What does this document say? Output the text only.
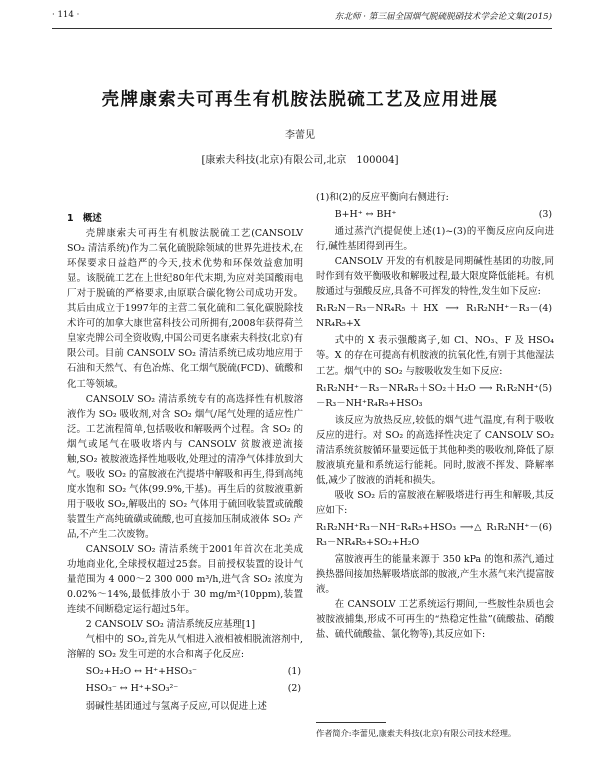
· 114 ·	东北师 · 第三届全国烟气脱硫脱硝技术学会论文集(2015)
壳牌康索夫可再生有机胺法脱硫工艺及应用进展
李蕾见
[康索夫科技(北京)有限公司,北京　100004]

1　概述

壳牌康索夫可再生有机胺法脱硫工艺(CANSOLV SO₂ 清洁系统)作为二氧化硫脱除领域的世界先进技术,在环保要求日益趋严的今天,技术优势和环保效益愈加明显。该脱硫工艺在上世纪80年代末期,为应对美国酸雨电厂对于脱硫的严格要求,由原联合碳化物公司成功开发。其后由成立于1997年的主营二氧化硫和二氧化碳脱除技术许可的加拿大康世富科技公司所拥有,2008年获得荷兰皇家壳牌公司全资收购,中国公司更名康索夫科技(北京)有限公司。目前 CANSOLV SO₂ 清洁系统已成功地应用于石油和天然气、有色冶炼、化工烟气脱硫(FCD)、硫酸和化工等领域。

CANSOLV SO₂ 清洁系统专有的高选择性有机胺溶液作为 SO₂ 吸收剂,对含 SO₂ 烟气/尾气处理的适应性广泛。工艺流程简单,包括吸收和解吸两个过程。含 SO₂ 的烟气或尾气在吸收塔内与 CANSOLV 贫胺液逆流接触,SO₂ 被胺液选择性地吸收,处理过的清净气体排放到大气。吸收 SO₂ 的富胺液在汽提塔中解吸和再生,得到高纯度水饱和 SO₂ 气体(99.9%,干基)。再生后的贫胺液重新用于吸收 SO₂,解吸出的 SO₂ 气体用于硫回收装置或硫酸装置生产高纯硫磺或硫酸,也可直接加压制成液体 SO₂ 产品,不产生二次废物。

CANSOLV SO₂ 清洁系统于2001年首次在北美成功地商业化,全球授权超过25套。目前授权装置的设计气量范围为 4 000～2 300 000 m³/h,进气含 SO₂ 浓度为 0.02%～14%,最低排放小于 30 mg/m³(10ppm),装置连续不间断稳定运行超过5年。

2 CANSOLV SO₂ 清洁系统反应基理[1]

气相中的 SO₂,首先从气相进入液相被相脱流溶剂中,溶解的 SO₂ 发生可逆的水合和离子化反应:

SO₂+H₂O ↔ H⁺+HSO₃⁻	(1)
HSO₃⁻ ↔ H⁺+SO₃²⁻	(2)

弱碱性基团通过与氢离子反应,可以促进上述

(1)和(2)的反应平衡向右侧进行:

B+H⁺ ↔ BH⁺	(3)

通过蒸汽汽提促使上述(1)~(3)的平衡反应向反向进行,碱性基团得到再生。

CANSOLV 开发的有机胺是同期碱性基团的功胺,同时作到有效平衡吸收和解吸过程,最大限度降低能耗。有机胺通过与强酸反应,具备不可挥发的特性,发生如下反应:

R₁R₂N－R₃－NR₄R₅＋HX ⟶ R₁R₂NH⁺－R₃－NR₄R₅+X
(4)

式中的 X 表示强酸离子,如 Cl、NO₃、F 及 HSO₄ 等。X 的存在可提高有机胺液的抗氧化性,有别于其他湿法工艺。烟气中的 SO₂ 与胺吸收发生如下反应:

R₁R₂NH⁺－R₃－NR₄R₅＋SO₂＋H₂O ⟶ R₁R₂NH⁺－R₃－NH⁺R₄R₅+HSO₃
(5)

该反应为放热反应,较低的烟气进气温度,有利于吸收反应的进行。对 SO₂ 的高选择性决定了 CANSOLV SO₂ 清洁系统贫胺循环量要远低于其他种类的吸收剂,降低了原胺液填充量和系统运行能耗。同时,胺液不挥发、降解率低,减少了胺液的消耗和损失。

吸收 SO₂ 后的富胺液在解吸塔进行再生和解吸,其反应如下:

R₁R₂NH⁺R₃－NH⁻R₄R₅+HSO₃ ⟶△ R₁R₂NH⁺－R₃－NR₄R₅+SO₂+H₂O
(6)

富胺液再生的能量来源于 350 kPa 的饱和蒸汽,通过换热器间接加热解吸塔底部的胺液,产生水蒸气来汽提富胺液。

在 CANSOLV 工艺系统运行期间,一些胺性杂质也会被胺液捕集,形成不可再生的“热稳定性盐”(硫酸盐、硝酸盐、硫代硫酸盐、氯化物等),其反应如下:

作者简介:李蕾见,康索夫科技(北京)有限公司技术经理。
